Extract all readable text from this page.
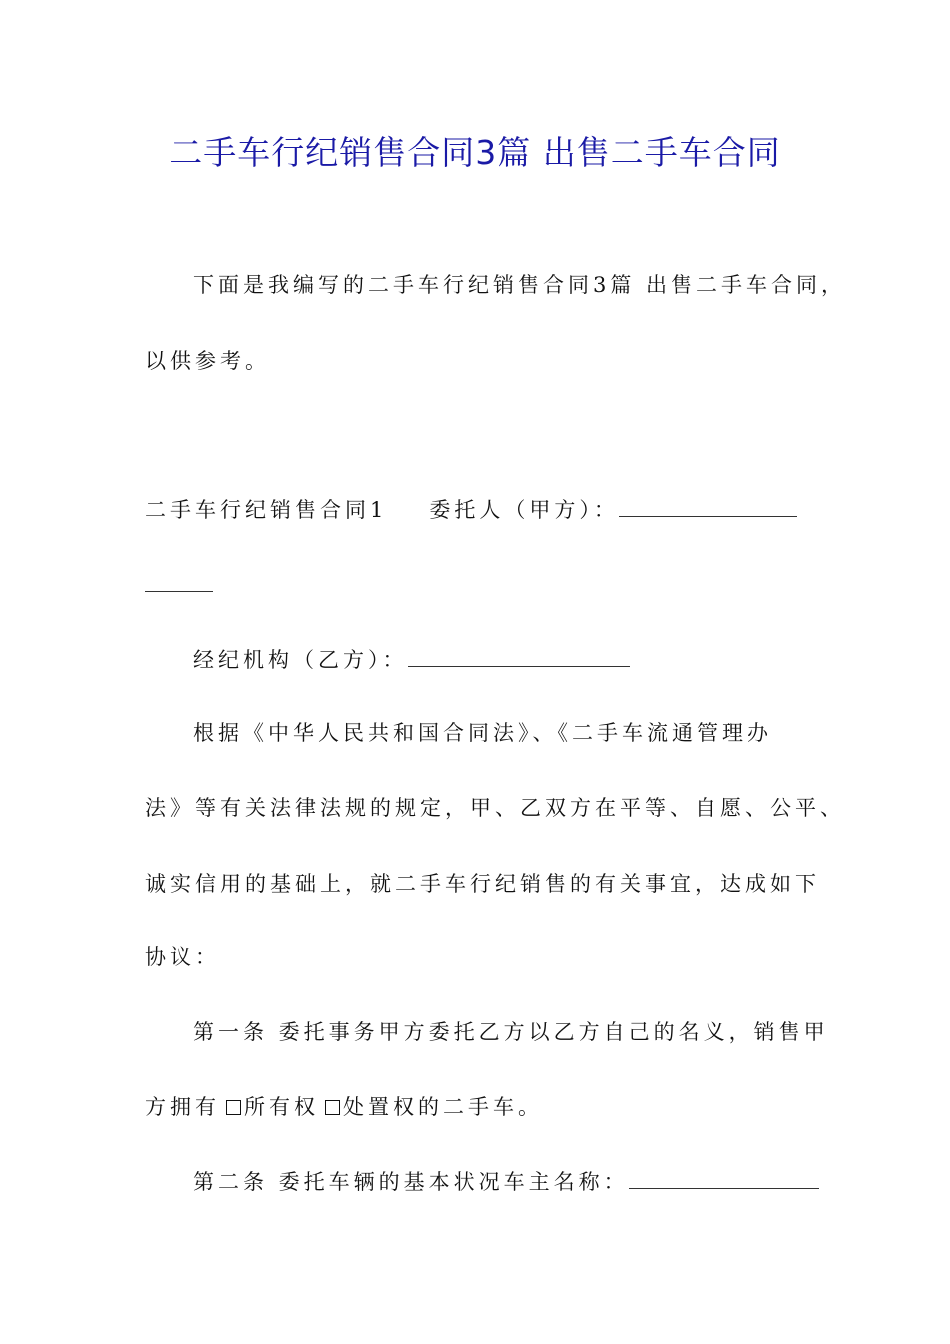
二手车行纪销售合同3篇 出售二手车合同
下面是我编写的二手车行纪销售合同3篇 出售二手车合同，
以供参考。
二手车行纪销售合同1 委托人（甲方）：
经纪机构（乙方）：
根据《中华人民共和国合同法》、《二手车流通管理办
法》等有关法律法规的规定，甲、乙双方在平等、自愿、公平、
诚实信用的基础上，就二手车行纪销售的有关事宜，达成如下
协议：
第一条 委托事务甲方委托乙方以乙方自己的名义，销售甲
方拥有 所有权 处置权的二手车。
第二条 委托车辆的基本状况车主名称：
